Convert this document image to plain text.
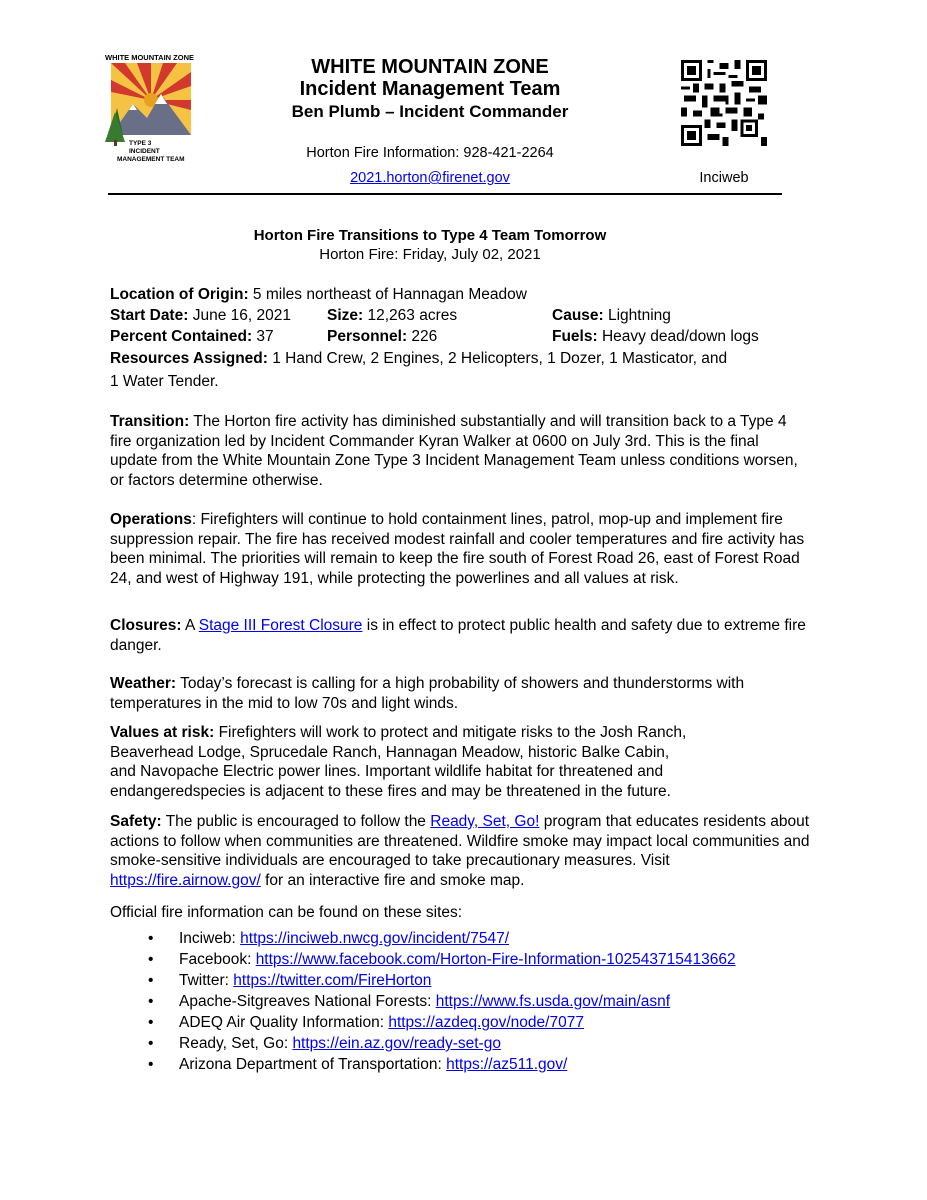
WHITE MOUNTAIN ZONE
TYPE 3
INCIDENT
MANAGEMENT TEAM
WHITE MOUNTAIN ZONE
Incident Management Team
Ben Plumb – Incident Commander
Horton Fire Information: 928-421-2264
2021.horton@firenet.gov	Inciweb
Horton Fire Transitions to Type 4 Team Tomorrow
Horton Fire: Friday, July 02, 2021
Location of Origin: 5 miles northeast of Hannagan Meadow
Start Date: June 16, 2021 Size: 12,263 acres	Cause: Lightning
Percent Contained: 37	Personnel: 226	Fuels: Heavy dead/down logs
Resources Assigned: 1 Hand Crew, 2 Engines, 2 Helicopters, 1 Dozer, 1 Masticator, and
1 Water Tender.
Transition: The Horton fire activity has diminished substantially and will transition back to a Type 4 fire organization led by Incident Commander Kyran Walker at 0600 on July 3rd. This is the final update from the White Mountain Zone Type 3 Incident Management Team unless conditions worsen, or factors determine otherwise.
Operations: Firefighters will continue to hold containment lines, patrol, mop-up and implement fire suppression repair. The fire has received modest rainfall and cooler temperatures and fire activity has been minimal. The priorities will remain to keep the fire south of Forest Road 26, east of Forest Road 24, and west of Highway 191, while protecting the powerlines and all values at risk.
Closures: A Stage III Forest Closure is in effect to protect public health and safety due to extreme fire danger.
Weather: Today’s forecast is calling for a high probability of showers and thunderstorms with temperatures in the mid to low 70s and light winds.
Values at risk: Firefighters will work to protect and mitigate risks to the Josh Ranch,
Beaverhead Lodge, Sprucedale Ranch, Hannagan Meadow, historic Balke Cabin,
and Navopache Electric power lines. Important wildlife habitat for threatened and
endangeredspecies is adjacent to these fires and may be threatened in the future.
Safety: The public is encouraged to follow the Ready, Set, Go! program that educates residents about actions to follow when communities are threatened. Wildfire smoke may impact local communities and smoke-sensitive individuals are encouraged to take precautionary measures. Visit https://fire.airnow.gov/ for an interactive fire and smoke map.
Official fire information can be found on these sites:
• Inciweb: https://inciweb.nwcg.gov/incident/7547/
• Facebook: https://www.facebook.com/Horton-Fire-Information-102543715413662
• Twitter: https://twitter.com/FireHorton
• Apache-Sitgreaves National Forests: https://www.fs.usda.gov/main/asnf
• ADEQ Air Quality Information: https://azdeq.gov/node/7077
• Ready, Set, Go: https://ein.az.gov/ready-set-go
• Arizona Department of Transportation: https://az511.gov/
